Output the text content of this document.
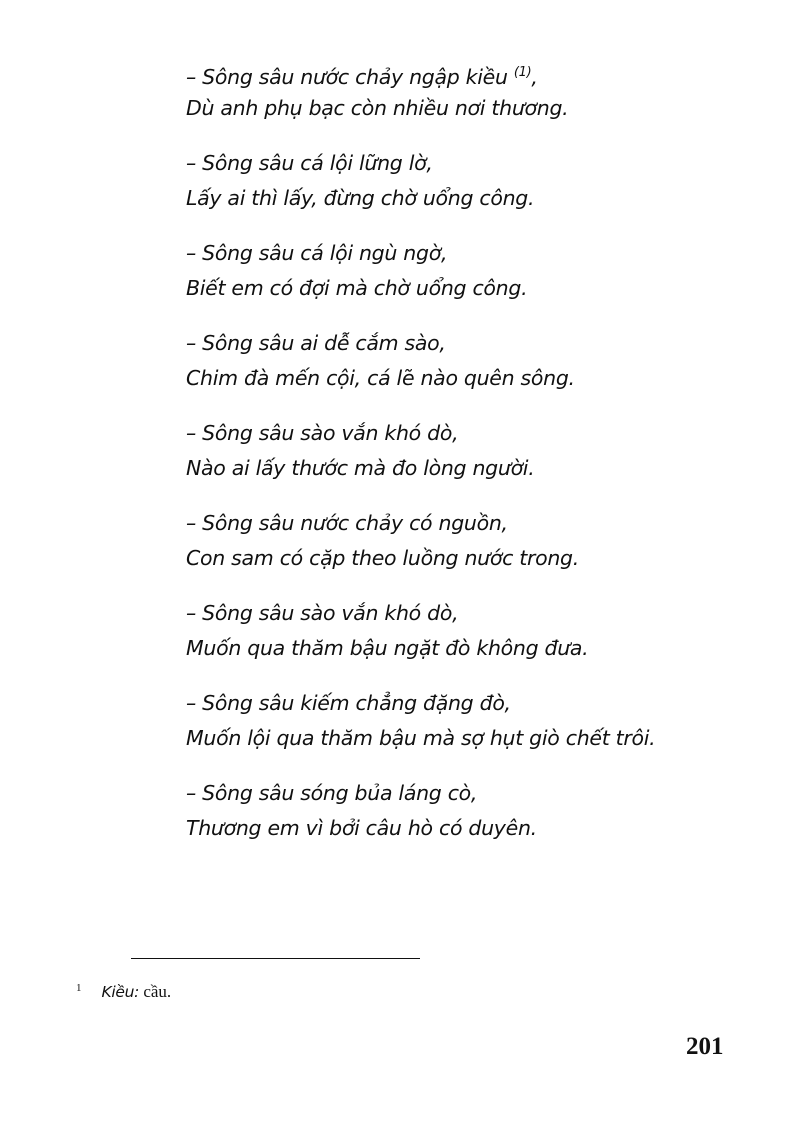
– Sông sâu nước chảy ngập kiều $^{(1)}$,
Dù anh phụ bạc còn nhiều nơi thương.
– Sông sâu cá lội lững lờ,
Lấy ai thì lấy, đừng chờ uổng công.
– Sông sâu cá lội ngù ngờ,
Biết em có đợi mà chờ uổng công.
– Sông sâu ai dễ cắm sào,
Chim đà mến cội, cá lẽ nào quên sông.
– Sông sâu sào vắn khó dò,
Nào ai lấy thước mà đo lòng người.
– Sông sâu nước chảy có nguồn,
Con sam có cặp theo luồng nước trong.
– Sông sâu sào vắn khó dò,
Muốn qua thăm bậu ngặt đò không đưa.
– Sông sâu kiếm chẳng đặng đò,
Muốn lội qua thăm bậu mà sợ hụt giò chết trôi.
– Sông sâu sóng bủa láng cò,
Thương em vì bởi câu hò có duyên.
$^1$ Kiều: cầu.
201
